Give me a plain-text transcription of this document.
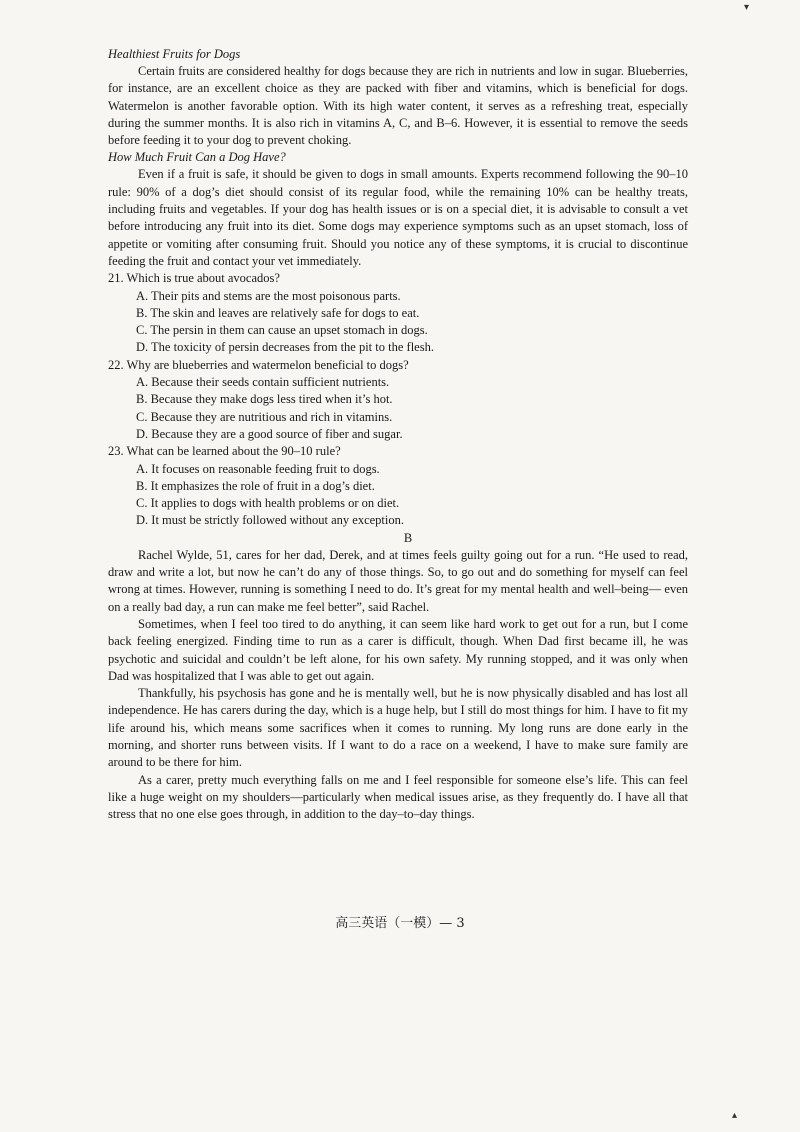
▾

Healthiest Fruits for Dogs

Certain fruits are considered healthy for dogs because they are rich in nutrients and low in sugar. Blueberries, for instance, are an excellent choice as they are packed with fiber and vitamins, which is beneficial for dogs. Watermelon is another favorable option. With its high water content, it serves as a refreshing treat, especially during the summer months. It is also rich in vitamins A, C, and B–6. However, it is essential to remove the seeds before feeding it to your dog to prevent choking.

How Much Fruit Can a Dog Have?

Even if a fruit is safe, it should be given to dogs in small amounts. Experts recommend following the 90–10 rule: 90% of a dog’s diet should consist of its regular food, while the remaining 10% can be healthy treats, including fruits and vegetables. If your dog has health issues or is on a special diet, it is advisable to consult a vet before introducing any fruit into its diet. Some dogs may experience symptoms such as an upset stomach, loss of appetite or vomiting after consuming fruit. Should you notice any of these symptoms, it is crucial to discontinue feeding the fruit and contact your vet immediately.

21. Which is true about avocados?

A. Their pits and stems are the most poisonous parts.

B. The skin and leaves are relatively safe for dogs to eat.

C. The persin in them can cause an upset stomach in dogs.

D. The toxicity of persin decreases from the pit to the flesh.

22. Why are blueberries and watermelon beneficial to dogs?

A. Because their seeds contain sufficient nutrients.

B. Because they make dogs less tired when it’s hot.

C. Because they are nutritious and rich in vitamins.

D. Because they are a good source of fiber and sugar.

23. What can be learned about the 90–10 rule?

A. It focuses on reasonable feeding fruit to dogs.

B. It emphasizes the role of fruit in a dog’s diet.

C. It applies to dogs with health problems or on diet.

D. It must be strictly followed without any exception.

B

Rachel Wylde, 51, cares for her dad, Derek, and at times feels guilty going out for a run. “He used to read, draw and write a lot, but now he can’t do any of those things. So, to go out and do something for myself can feel wrong at times. However, running is something I need to do. It’s great for my mental health and well–being— even on a really bad day, a run can make me feel better”, said Rachel.

Sometimes, when I feel too tired to do anything, it can seem like hard work to get out for a run, but I come back feeling energized. Finding time to run as a carer is difficult, though. When Dad first became ill, he was psychotic and suicidal and couldn’t be left alone, for his own safety. My running stopped, and it was only when Dad was hospitalized that I was able to get out again.

Thankfully, his psychosis has gone and he is mentally well, but he is now physically disabled and has lost all independence. He has carers during the day, which is a huge help, but I still do most things for him. I have to fit my life around his, which means some sacrifices when it comes to running. My long runs are done early in the morning, and shorter runs between visits. If I want to do a race on a weekend, I have to make sure family are around to be there for him.

As a carer, pretty much everything falls on me and I feel responsible for someone else’s life. This can feel like a huge weight on my shoulders—particularly when medical issues arise, as they frequently do. I have all that stress that no one else goes through, in addition to the day–to–day things.

高三英语（一模）— 3
▴
